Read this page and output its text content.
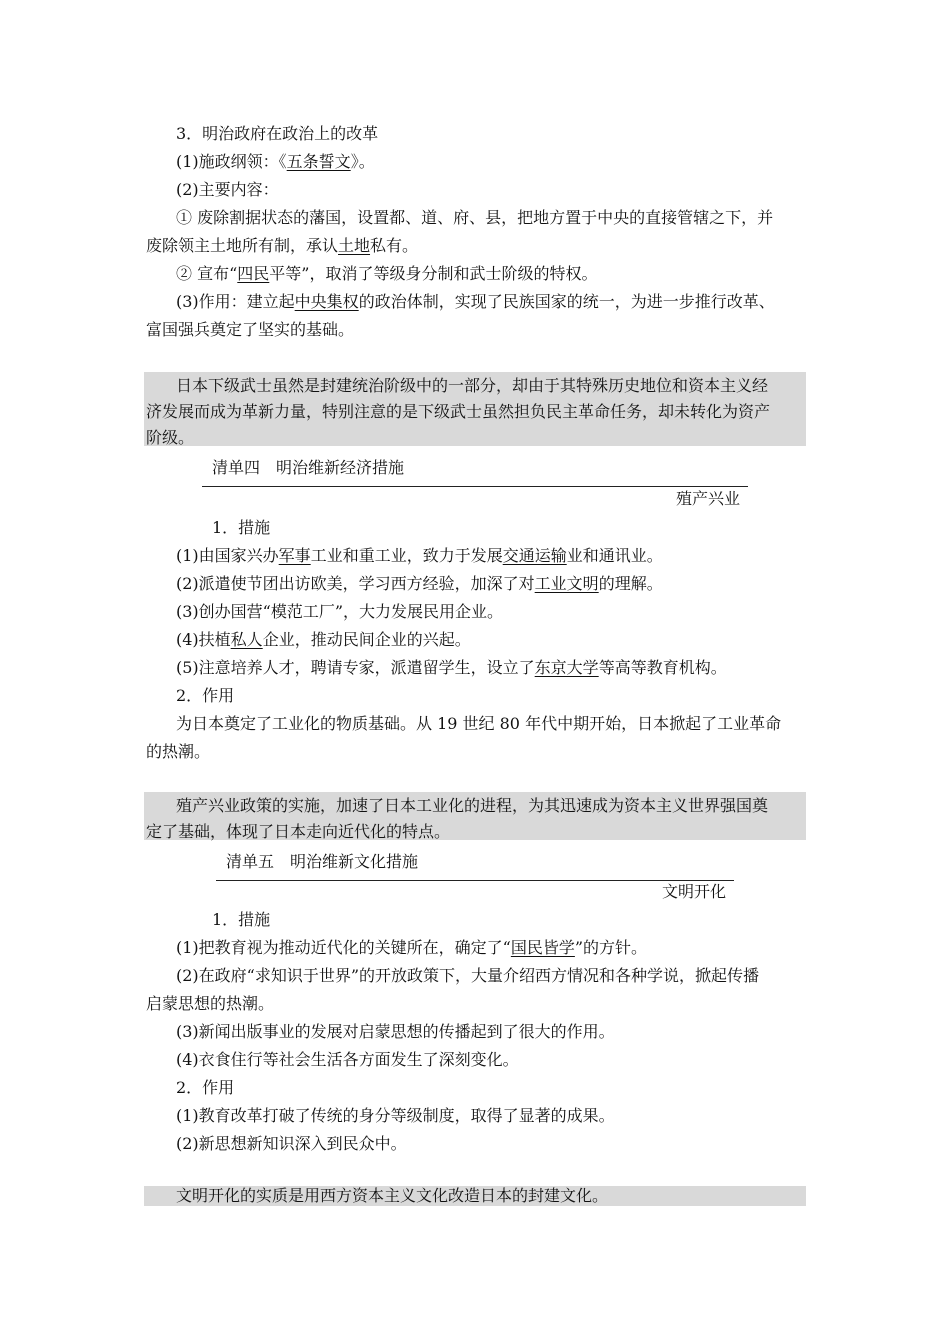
3．明治政府在政治上的改革
(1)施政纲领：《五条誓文》。
(2)主要内容：
① 废除割据状态的藩国，设置都、道、府、县，把地方置于中央的直接管辖之下，并
废除领主土地所有制，承认土地私有。
② 宣布“四民平等”，取消了等级身分制和武士阶级的特权。
(3)作用：建立起中央集权的政治体制，实现了民族国家的统一，为进一步推行改革、
富国强兵奠定了坚实的基础。
日本下级武士虽然是封建统治阶级中的一部分，却由于其特殊历史地位和资本主义经
济发展而成为革新力量，特别注意的是下级武士虽然担负民主革命任务，却未转化为资产
阶级。
清单四　明治维新经济措施
殖产兴业
1．措施
(1)由国家兴办军事工业和重工业，致力于发展交通运输业和通讯业。
(2)派遣使节团出访欧美，学习西方经验，加深了对工业文明的理解。
(3)创办国营“模范工厂”，大力发展民用企业。
(4)扶植私人企业，推动民间企业的兴起。
(5)注意培养人才，聘请专家，派遣留学生，设立了东京大学等高等教育机构。
2．作用
为日本奠定了工业化的物质基础。从 19 世纪 80 年代中期开始，日本掀起了工业革命
的热潮。
殖产兴业政策的实施，加速了日本工业化的进程，为其迅速成为资本主义世界强国奠
定了基础，体现了日本走向近代化的特点。
清单五　明治维新文化措施
文明开化
1．措施
(1)把教育视为推动近代化的关键所在，确定了“国民皆学”的方针。
(2)在政府“求知识于世界”的开放政策下，大量介绍西方情况和各种学说，掀起传播
启蒙思想的热潮。
(3)新闻出版事业的发展对启蒙思想的传播起到了很大的作用。
(4)衣食住行等社会生活各方面发生了深刻变化。
2．作用
(1)教育改革打破了传统的身分等级制度，取得了显著的成果。
(2)新思想新知识深入到民众中。
文明开化的实质是用西方资本主义文化改造日本的封建文化。
